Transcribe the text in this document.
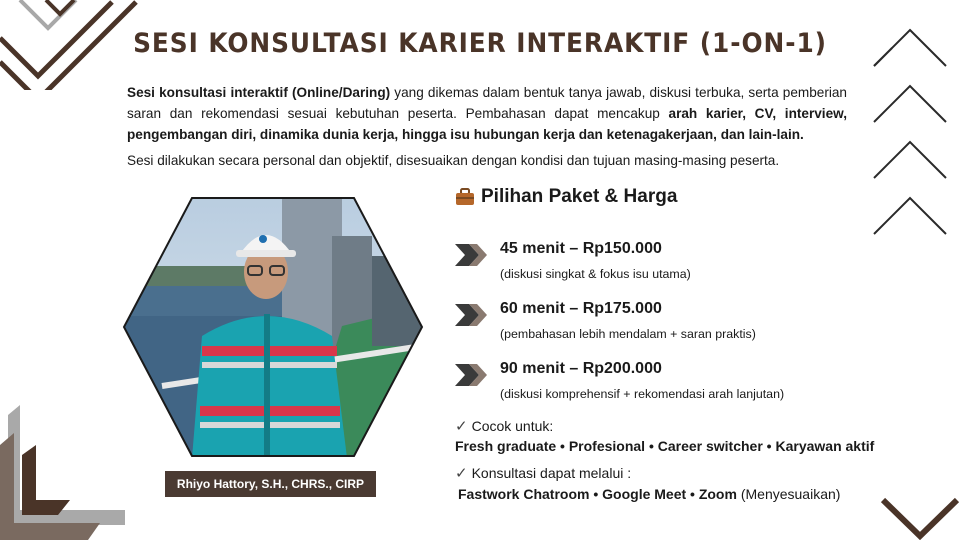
SESI KONSULTASI KARIER INTERAKTIF (1-ON-1)
Sesi konsultasi interaktif (Online/Daring) yang dikemas dalam bentuk tanya jawab, diskusi terbuka, serta pemberian saran dan rekomendasi sesuai kebutuhan peserta. Pembahasan dapat mencakup arah karier, CV, interview, pengembangan diri, dinamika dunia kerja, hingga isu hubungan kerja dan ketenagakerjaan, dan lain-lain.
Sesi dilakukan secara personal dan objektif, disesuaikan dengan kondisi dan tujuan masing-masing peserta.
Rhiyo Hattory, S.H., CHRS., CIRP
Pilihan Paket & Harga
45 menit – Rp150.000
(diskusi singkat & fokus isu utama)
60 menit – Rp175.000
(pembahasan lebih mendalam + saran praktis)
90 menit – Rp200.000
(diskusi komprehensif + rekomendasi arah lanjutan)
✓ Cocok untuk:
Fresh graduate • Profesional • Career switcher • Karyawan aktif
✓ Konsultasi dapat melalui :
Fastwork Chatroom • Google Meet • Zoom (Menyesuaikan)
